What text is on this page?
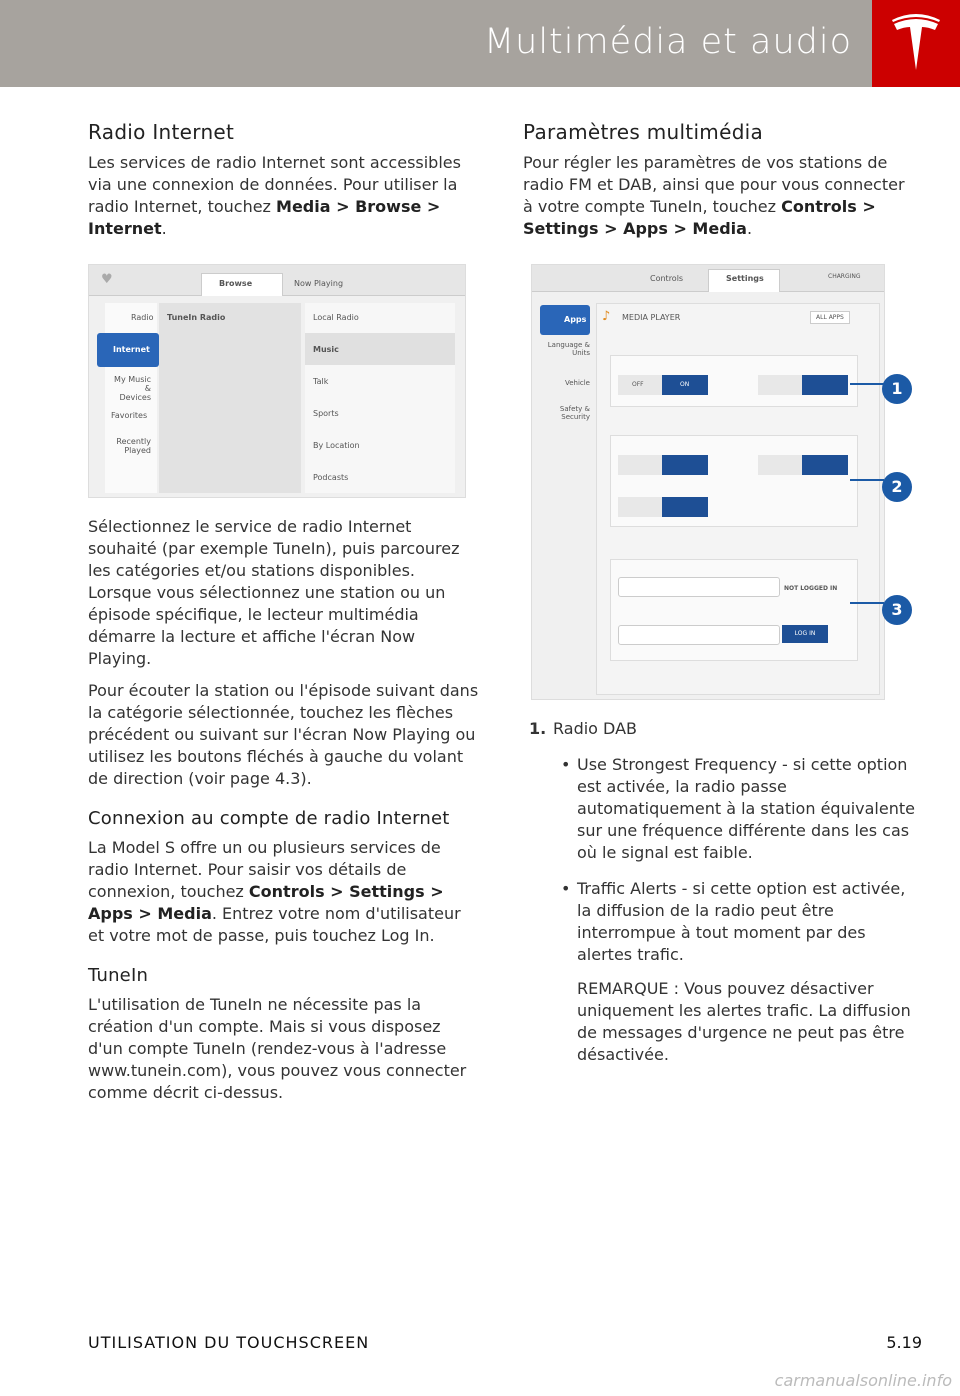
Multimédia et audio
Radio Internet

Les services de radio Internet sont accessibles via une connexion de données. Pour utiliser la radio Internet, touchez Media > Browse > Internet.

♥	Browse	Now Playing
Radio
Internet
My Music & Devices
Favorites
Recently Played
TuneIn Radio	Local Radio
Music
Talk
Sports
By Location
Podcasts

Sélectionnez le service de radio Internet souhaité (par exemple TuneIn), puis parcourez les catégories et/ou stations disponibles. Lorsque vous sélectionnez une station ou un épisode spécifique, le lecteur multimédia démarre la lecture et affiche l'écran Now Playing.

Pour écouter la station ou l'épisode suivant dans la catégorie sélectionnée, touchez les flèches précédent ou suivant sur l'écran Now Playing ou utilisez les boutons fléchés à gauche du volant de direction (voir page 4.3).

Connexion au compte de radio Internet

La Model S offre un ou plusieurs services de radio Internet. Pour saisir vos détails de connexion, touchez Controls > Settings > Apps > Media. Entrez votre nom d'utilisateur et votre mot de passe, puis touchez Log In.

TuneIn

L'utilisation de TuneIn ne nécessite pas la création d'un compte. Mais si vous disposez d'un compte TuneIn (rendez-vous à l'adresse www.tunein.com), vous pouvez vous connecter comme décrit ci-dessus.

Paramètres multimédia

Pour régler les paramètres de vos stations de radio FM et DAB, ainsi que pour vous connecter à votre compte TuneIn, touchez Controls > Settings > Apps > Media.

Controls	Settings	CHARGING
Apps
Language & Units
Vehicle
Safety & Security
♪ MEDIA PLAYER	ALL APPS
OFF	ON
NOT LOGGED IN
LOG IN
1. Radio DAB
• Use Strongest Frequency - si cette option est activée, la radio passe automatiquement à la station équivalente sur une fréquence différente dans les cas où le signal est faible.
• Traffic Alerts - si cette option est activée, la diffusion de la radio peut être interrompue à tout moment par des alertes trafic.

REMARQUE : Vous pouvez désactiver uniquement les alertes trafic. La diffusion de messages d'urgence ne peut pas être désactivée.

1
2
3
UTILISATION DU TOUCHSCREEN	5.19
carmanualsonline.info
